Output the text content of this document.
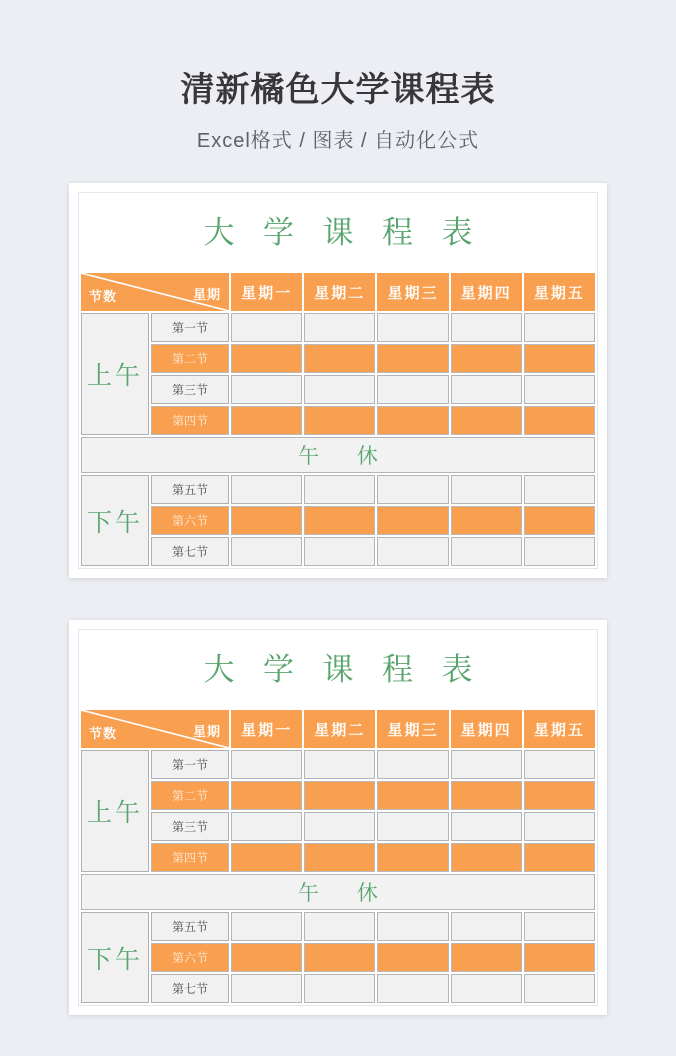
清新橘色大学课程表

Excel格式 / 图表 / 自动化公式

大学课程表
节数 星期		星期一	星期二	星期三	星期四	星期五
上午	第一节					
	第二节					
	第三节					
	第四节					
午休						
下午	第五节					
	第六节					
	第七节					
大学课程表
节数 星期		星期一	星期二	星期三	星期四	星期五
上午	第一节					
	第二节					
	第三节					
	第四节					
午休						
下午	第五节					
	第六节					
	第七节					
